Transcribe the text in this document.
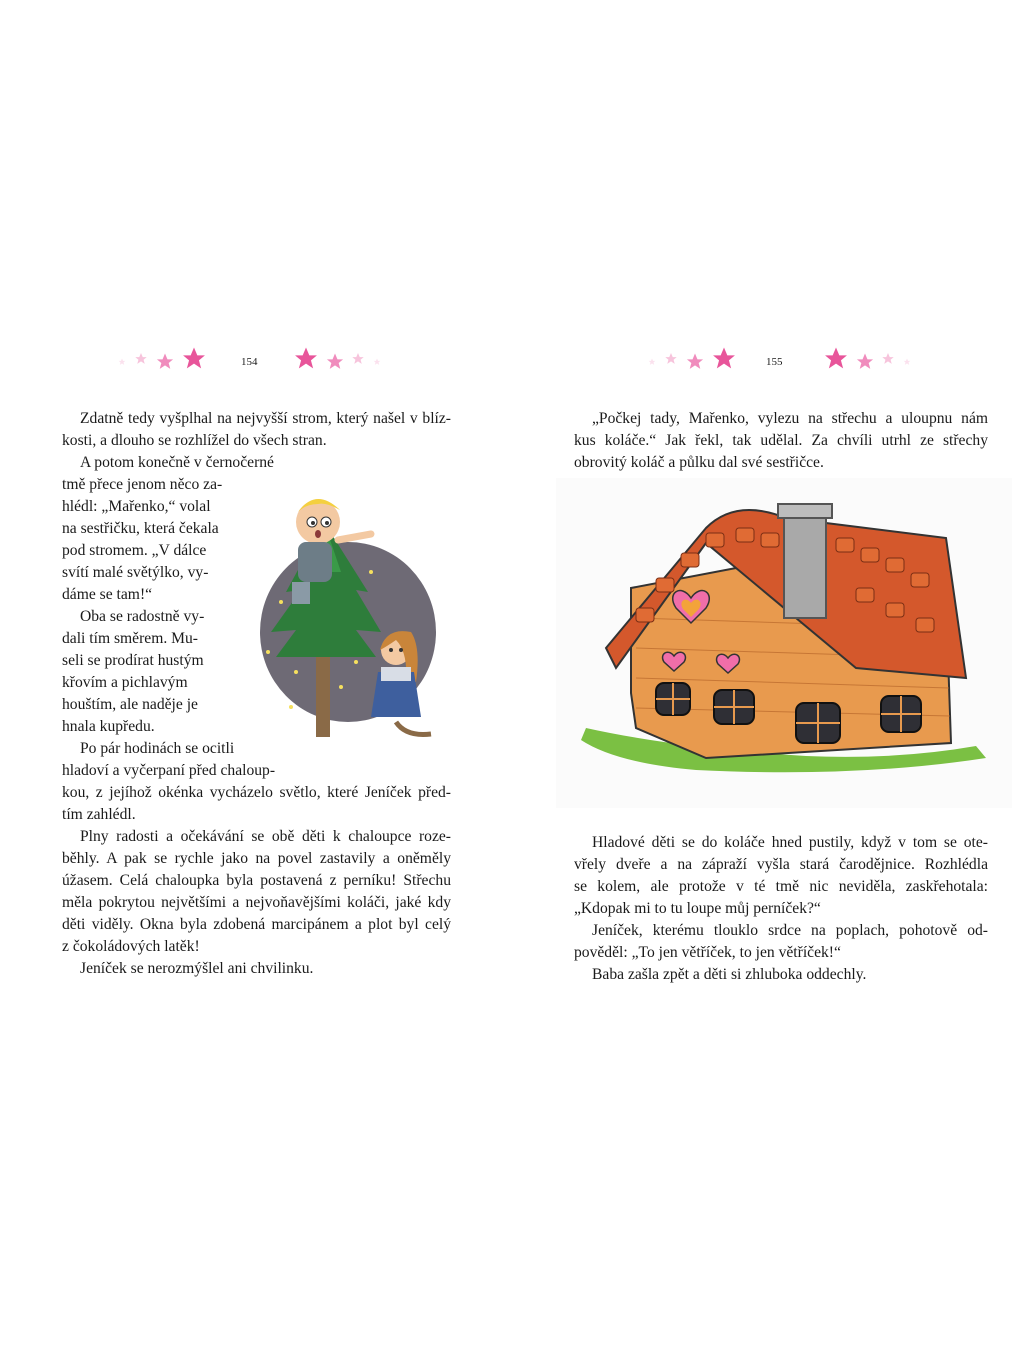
154
Zdatně tedy vyšplhal na nejvyšší strom, který našel v blíz-
kosti, a dlouho se rozhlížel do všech stran.
A potom konečně v černočerné
tmě přece jenom něco za-
hlédl: „Mařenko,“ volal
na sestřičku, která čekala
pod stromem. „V dálce
svítí malé světýlko, vy-
dáme se tam!“
Oba se radostně vy-
dali tím směrem. Mu-
seli se prodírat hustým
křovím a pichlavým
houštím, ale naděje je
hnala kupředu.
Po pár hodinách se ocitli
hladoví a vyčerpaní před chaloup-
kou, z jejíhož okénka vycházelo světlo, které Jeníček před-
tím zahlédl.
Plny radosti a očekávání se obě děti k chaloupce roze-
běhly. A pak se rychle jako na povel zastavily a oněměly
úžasem. Celá chaloupka byla postavená z perníku! Střechu
měla pokrytou největšími a nejvoňavějšími koláči, jaké kdy
děti viděly. Okna byla zdobená marcipánem a plot byl celý
z čokoládových latěk!
Jeníček se nerozmýšlel ani chvilinku.
155
„Počkej tady, Mařenko, vylezu na střechu a uloupnu nám
kus koláče.“ Jak řekl, tak udělal. Za chvíli utrhl ze střechy
obrovitý koláč a půlku dal své sestřičce.
Hladové děti se do koláče hned pustily, když v tom se ote-
vřely dveře a na zápraží vyšla stará čarodějnice. Rozhlédla
se kolem, ale protože v té tmě nic neviděla, zaskřehotala:
„Kdopak mi to tu loupe můj perníček?“
Jeníček, kterému tlouklo srdce na poplach, pohotově od-
pověděl: „To jen větříček, to jen větříček!“
Baba zašla zpět a děti si zhluboka oddechly.
